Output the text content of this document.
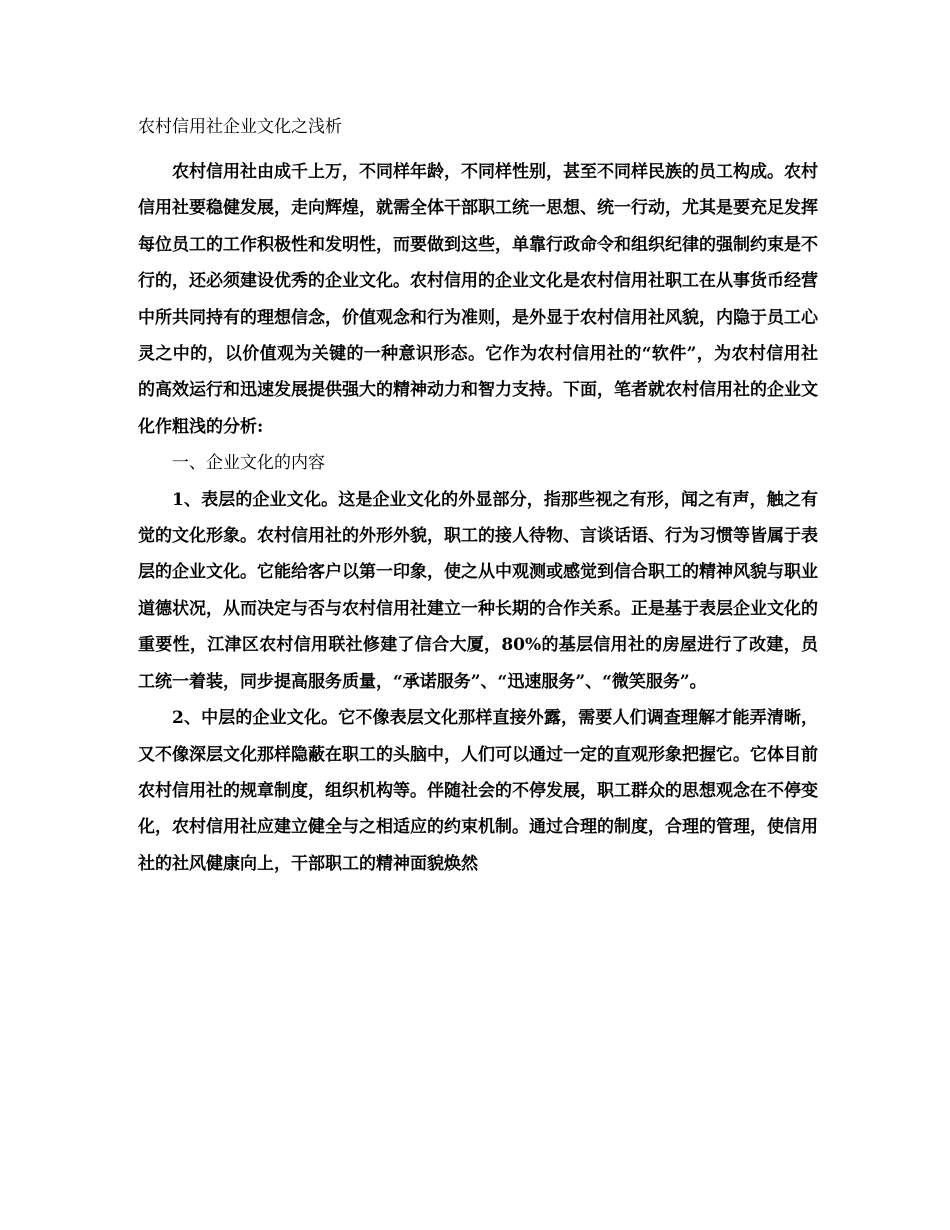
农村信用社企业文化之浅析

农村信用社由成千上万，不同样年龄，不同样性别，甚至不同样民族的员工构成。农村信用社要稳健发展，走向辉煌，就需全体干部职工统一思想、统一行动，尤其是要充足发挥每位员工的工作积极性和发明性，而要做到这些，单靠行政命令和组织纪律的强制约束是不行的，还必须建设优秀的企业文化。农村信用的企业文化是农村信用社职工在从事货币经营中所共同持有的理想信念，价值观念和行为准则，是外显于农村信用社风貌，内隐于员工心灵之中的，以价值观为关键的一种意识形态。它作为农村信用社的“软件”，为农村信用社的高效运行和迅速发展提供强大的精神动力和智力支持。下面，笔者就农村信用社的企业文化作粗浅的分析:

一、企业文化的内容

1、表层的企业文化。这是企业文化的外显部分，指那些视之有形，闻之有声，触之有觉的文化形象。农村信用社的外形外貌，职工的接人待物、言谈话语、行为习惯等皆属于表层的企业文化。它能给客户以第一印象，使之从中观测或感觉到信合职工的精神风貌与职业道德状况，从而决定与否与农村信用社建立一种长期的合作关系。正是基于表层企业文化的重要性，江津区农村信用联社修建了信合大厦，80%的基层信用社的房屋进行了改建，员工统一着装，同步提高服务质量，“承诺服务”、“迅速服务”、“微笑服务”。

2、中层的企业文化。它不像表层文化那样直接外露，需要人们调查理解才能弄清晰，又不像深层文化那样隐蔽在职工的头脑中，人们可以通过一定的直观形象把握它。它体目前农村信用社的规章制度，组织机构等。伴随社会的不停发展，职工群众的思想观念在不停变化，农村信用社应建立健全与之相适应的约束机制。通过合理的制度，合理的管理，使信用社的社风健康向上，干部职工的精神面貌焕然
